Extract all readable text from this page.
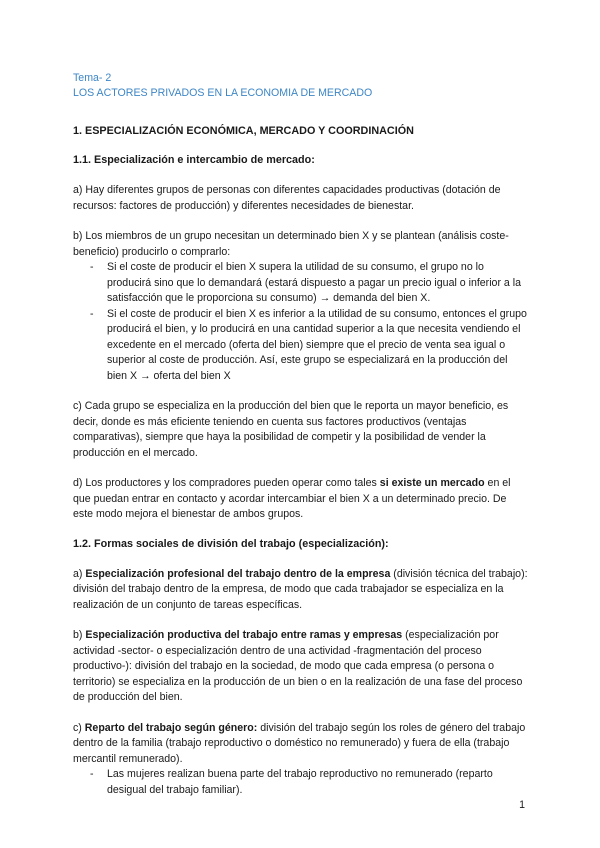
Tema- 2
LOS ACTORES PRIVADOS EN LA ECONOMIA DE MERCADO
1. ESPECIALIZACIÓN ECONÓMICA, MERCADO Y COORDINACIÓN
1.1. Especialización e intercambio de mercado:

a) Hay diferentes grupos de personas con diferentes capacidades productivas (dotación de recursos: factores de producción) y diferentes necesidades de bienestar.

b) Los miembros de un grupo necesitan un determinado bien X y se plantean (análisis coste-beneficio) producirlo o comprarlo:

- Si el coste de producir el bien X supera la utilidad de su consumo, el grupo no lo producirá sino que lo demandará (estará dispuesto a pagar un precio igual o inferior a la satisfacción que le proporciona su consumo) → demanda del bien X.
- Si el coste de producir el bien X es inferior a la utilidad de su consumo, entonces el grupo producirá el bien, y lo producirá en una cantidad superior a la que necesita vendiendo el excedente en el mercado (oferta del bien) siempre que el precio de venta sea igual o superior al coste de producción. Así, este grupo se especializará en la producción del bien X → oferta del bien X

c) Cada grupo se especializa en la producción del bien que le reporta un mayor beneficio, es decir, donde es más eficiente teniendo en cuenta sus factores productivos (ventajas comparativas), siempre que haya la posibilidad de competir y la posibilidad de vender la producción en el mercado.

d) Los productores y los compradores pueden operar como tales si existe un mercado en el que puedan entrar en contacto y acordar intercambiar el bien X a un determinado precio. De este modo mejora el bienestar de ambos grupos.

1.2. Formas sociales de división del trabajo (especialización):

a) Especialización profesional del trabajo dentro de la empresa (división técnica del trabajo): división del trabajo dentro de la empresa, de modo que cada trabajador se especializa en la realización de un conjunto de tareas específicas.

b) Especialización productiva del trabajo entre ramas y empresas (especialización por actividad -sector- o especialización dentro de una actividad -fragmentación del proceso productivo-): división del trabajo en la sociedad, de modo que cada empresa (o persona o territorio) se especializa en la producción de un bien o en la realización de una fase del proceso de producción del bien.

c) Reparto del trabajo según género: división del trabajo según los roles de género del trabajo dentro de la familia (trabajo reproductivo o doméstico no remunerado) y fuera de ella (trabajo mercantil remunerado).

- Las mujeres realizan buena parte del trabajo reproductivo no remunerado (reparto desigual del trabajo familiar).
1
